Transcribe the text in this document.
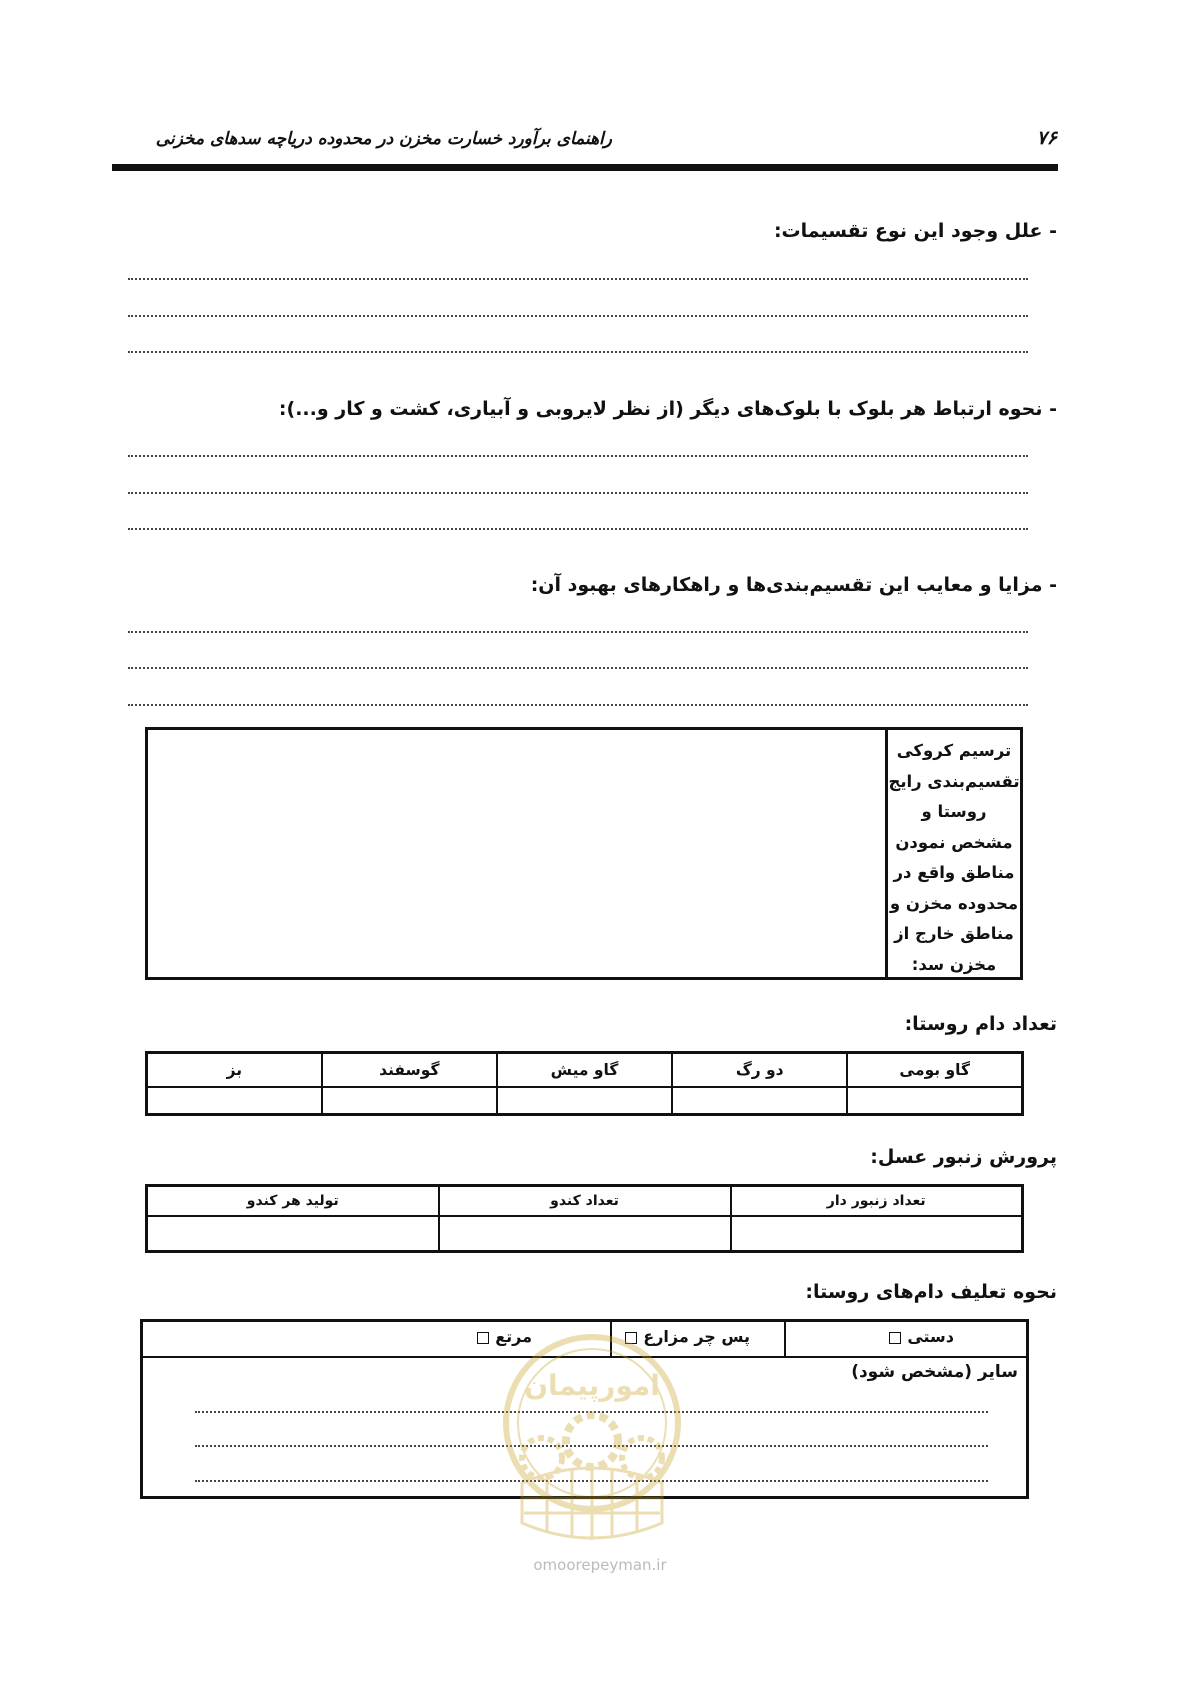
راهنمای برآورد خسارت مخزن در محدوده دریاچه سدهای مخزنی	۷۶
- علل وجود این نوع تقسیمات:
- نحوه ارتباط هر بلوک با بلوک‌های دیگر (از نظر لایروبی و آبیاری، کشت و کار و...):
- مزایا و معایب این تقسیم‌بندی‌ها و راهکارهای بهبود آن:
ترسیم کروکی تقسیم‌بندی رایج روستا و مشخص نمودن مناطق واقع در محدوده مخزن و مناطق خارج از مخزن سد:
تعداد دام روستا:
گاو بومی	دو رگ	گاو میش	گوسفند	بز

پرورش زنبور عسل:
تعداد زنبور دار	تعداد کندو	تولید هر کندو

نحوه تعلیف دام‌های روستا:
دستی
پس چر مزارع
مرتع
سایر (مشخص شود)
امورپیمان
omoorepeyman.ir
